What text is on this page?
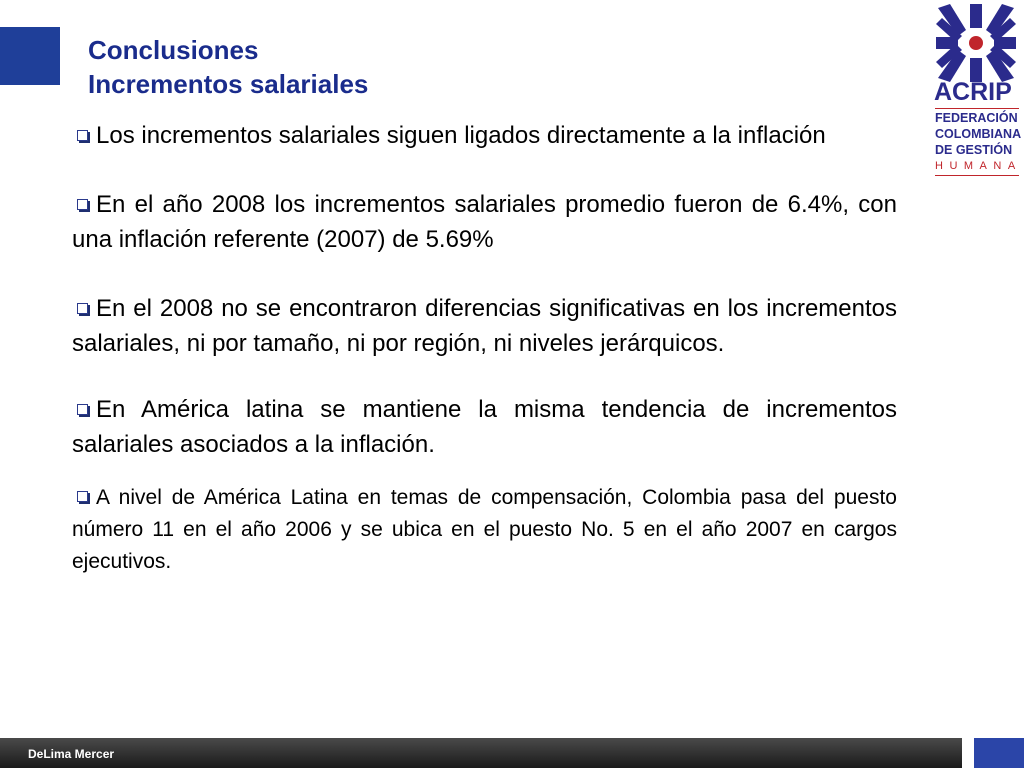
Conclusiones
Incrementos salariales	ACRIP
FEDERACIÓN
COLOMBIANA
DE GESTIÓN
HUMANA

Los incrementos salariales siguen ligados directamente a la inflación

En el año 2008 los incrementos salariales promedio fueron de 6.4%, con una inflación referente (2007) de 5.69%

En el 2008 no se encontraron diferencias significativas en los incrementos salariales, ni por tamaño, ni por región, ni niveles jerárquicos.

En América latina se mantiene la misma tendencia de incrementos salariales asociados a la inflación.

A nivel de América Latina en temas de compensación, Colombia pasa del puesto número 11 en el año 2006 y se ubica en el puesto No. 5 en el año 2007 en cargos ejecutivos.

DeLima Mercer
